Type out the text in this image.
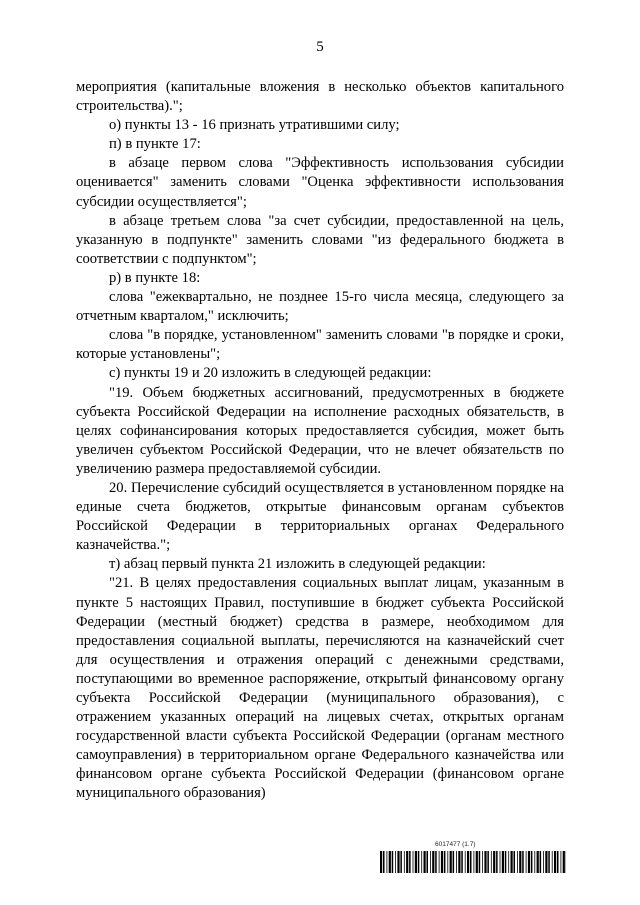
5

мероприятия (капитальные вложения в несколько объектов капитального строительства).";

о) пункты 13 - 16 признать утратившими силу;

п) в пункте 17:

в абзаце первом слова "Эффективность использования субсидии оценивается" заменить словами "Оценка эффективности использования субсидии осуществляется";

в абзаце третьем слова "за счет субсидии, предоставленной на цель, указанную в подпункте" заменить словами "из федерального бюджета в соответствии с подпунктом";

р) в пункте 18:

слова "ежеквартально, не позднее 15-го числа месяца, следующего за отчетным кварталом," исключить;

слова "в порядке, установленном" заменить словами "в порядке и сроки, которые установлены";

с) пункты 19 и 20 изложить в следующей редакции:

"19. Объем бюджетных ассигнований, предусмотренных в бюджете субъекта Российской Федерации на исполнение расходных обязательств, в целях софинансирования которых предоставляется субсидия, может быть увеличен субъектом Российской Федерации, что не влечет обязательств по увеличению размера предоставляемой субсидии.

20. Перечисление субсидий осуществляется в установленном порядке на единые счета бюджетов, открытые финансовым органам субъектов Российской Федерации в территориальных органах Федерального казначейства.";

т) абзац первый пункта 21 изложить в следующей редакции:

"21. В целях предоставления социальных выплат лицам, указанным в пункте 5 настоящих Правил, поступившие в бюджет субъекта Российской Федерации (местный бюджет) средства в размере, необходимом для предоставления социальной выплаты, перечисляются на казначейский счет для осуществления и отражения операций с денежными средствами, поступающими во временное распоряжение, открытый финансовому органу субъекта Российской Федерации (муниципального образования), с отражением указанных операций на лицевых счетах, открытых органам государственной власти субъекта Российской Федерации (органам местного самоуправления) в территориальном органе Федерального казначейства или финансовом органе субъекта Российской Федерации (финансовом органе муниципального образования)

6017477 (1.7)
